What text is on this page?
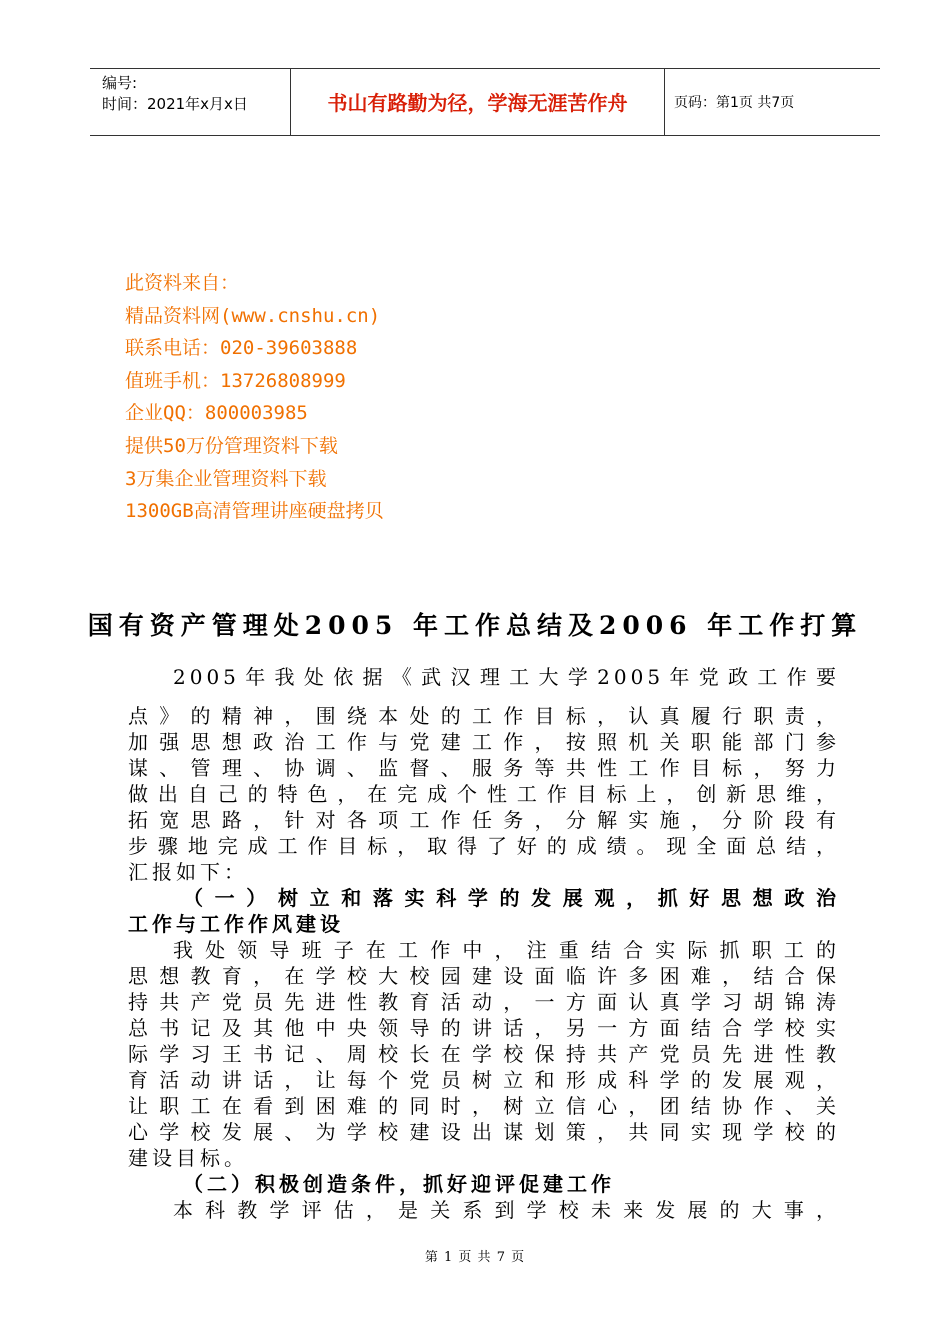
编号:
时间：2021年x月x日	书山有路勤为径，学海无涯苦作舟	页码：第1页 共7页
此资料来自：
精品资料网(www.cnshu.cn)
联系电话：020-39603888
值班手机：13726808999
企业QQ：800003985
提供50万份管理资料下载
3万集企业管理资料下载
1300GB高清管理讲座硬盘拷贝
国有资产管理处2005 年工作总结及2006 年工作打算

2005年我处依据《武汉理工大学2005年党政工作要

点》的精神，围绕本处的工作目标，认真履行职责，

加强思想政治工作与党建工作，按照机关职能部门参

谋、管理、协调、监督、服务等共性工作目标，努力

做出自己的特色，在完成个性工作目标上，创新思维，

拓宽思路，针对各项工作任务，分解实施，分阶段有

步骤地完成工作目标，取得了好的成绩。现全面总结，

汇报如下：

（一）树立和落实科学的发展观，抓好思想政治

工作与工作作风建设

我处领导班子在工作中，注重结合实际抓职工的

思想教育，在学校大校园建设面临许多困难，结合保

持共产党员先进性教育活动，一方面认真学习胡锦涛

总书记及其他中央领导的讲话，另一方面结合学校实

际学习王书记、周校长在学校保持共产党员先进性教

育活动讲话，让每个党员树立和形成科学的发展观，

让职工在看到困难的同时，树立信心，团结协作、关

心学校发展、为学校建设出谋划策，共同实现学校的

建设目标。

（二）积极创造条件，抓好迎评促建工作

本科教学评估，是关系到学校未来发展的大事，

第 1 页 共 7 页
